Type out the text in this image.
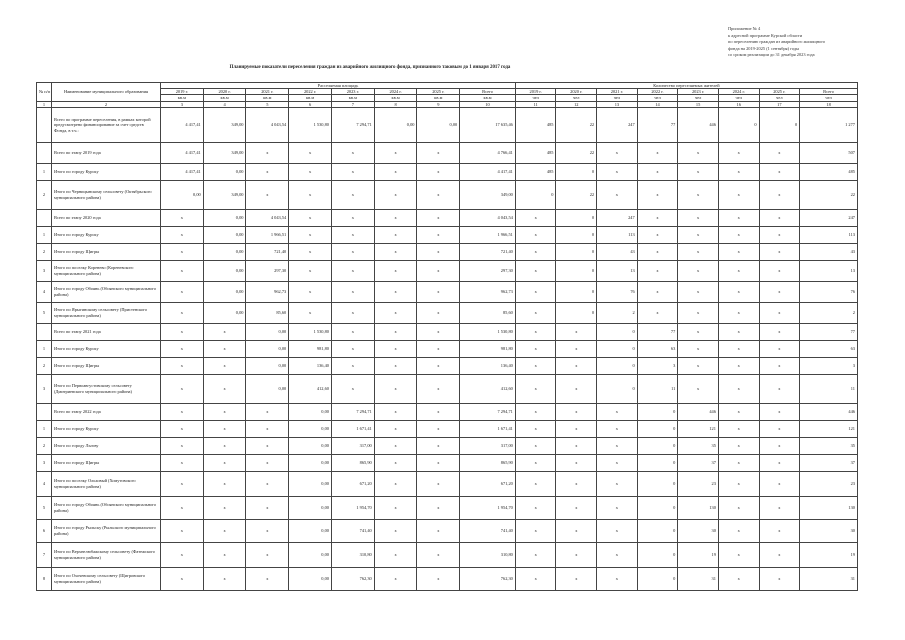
Приложение № 4
к адресной программе Курской области
по переселению граждан из аварийного жилищного
фонда на 2019-2025 (1 сентября) годы
со сроком реализации до 31 декабря 2023 года
Планируемые показатели переселения граждан из аварийного жилищного фонда, признанного таковым до 1 января 2017 года
№ п/п	Наименование муниципального образования	Расселяемая площадь								Количество переселяемых жителей							
		2019 г.	2020 г.	2021 г.	2022 г.	2023 г.	2024 г.	2025 г.	Всего	2019 г.	2020 г.	2021 г.	2022 г.	2023 г.	2024 г.	2025 г.	Всего
		кв.м	кв.м	кв.м	кв.м	кв.м	кв.м	кв.м	кв.м	чел	чел	чел	чел	чел	чел	чел	чел
1	2	3	4	5	6	7	8	9	10	11	12	13	14	15	16	17	18
	Всего по программе переселения, в рамках которой предусмотрено финансирование за счет средств Фонда, в т.ч.:	4 417,41	349,00	4 043,54	1 530,80	7 294,71	0,00	0,00	17 635,46	485	22	247	77	446	0	0	1 277
	Всего по этапу 2019 года	4 417,41	349,00	x	x	x	x	x	4 766,41	485	22	x	x	x	x	x	507
1	Итого по городу Курску	4 417,41	0,00	x	x	x	x	x	4 417,41	485	0	x	x	x	x	x	485
2	Итого по Черницынскому сельсовету (Октябрьского муниципального района)	0,00	349,00	x	x	x	x	x	349,00	0	22	x	x	x	x	x	22
	Всего по этапу 2020 года	x	0,00	4 043,54	x	x	x	x	4 043,54	x	0	247	x	x	x	x	247
1	Итого по городу Курску	x	0,00	1 966,51	x	x	x	x	1 966,51	x	0	113	x	x	x	x	113
2	Итого по городу Щигры	x	0,00	721,40	x	x	x	x	721,40	x	0	43	x	x	x	x	43
3	Итого по поселку Коренево (Кореневского муниципального района)	x	0,00	297,30	x	x	x	x	297,30	x	0	13	x	x	x	x	13
4	Итого по городу Обоянь (Обоянского муниципального района)	x	0,00	962,73	x	x	x	x	962,73	x	0	76	x	x	x	x	76
5	Итого по Ярыгинскому сельсовету (Пристенского муниципального района)	x	0,00	85,60	x	x	x	x	85,60	x	0	2	x	x	x	x	2
	Всего по этапу 2021 года	x	x	0,00	1 530,80	x	x	x	1 530,80	x	x	0	77	x	x	x	77
1	Итого по городу Курску	x	x	0,00	981,80	x	x	x	981,80	x	x	0	63	x	x	x	63
2	Итого по городу Щигры	x	x	0,00	136,40	x	x	x	136,40	x	x	0	3	x	x	x	3
3	Итого по Первоавгустовскому сельсовету (Дмитриевского муниципального района)	x	x	0,00	412,60	x	x	x	412,60	x	x	0	11	x	x	x	11
	Всего по этапу 2022 года	x	x	x	0,00	7 294,71	x	x	7 294,71	x	x	x	0	446	x	x	446
1	Итого по городу Курску	x	x	x	0,00	1 671,41	x	x	1 671,41	x	x	x	0	121	x	x	121
2	Итого по городу Льгову	x	x	x	0,00	317,00	x	x	317,00	x	x	x	0	35	x	x	35
3	Итого по городу Щигры	x	x	x	0,00	865,90	x	x	865,90	x	x	x	0	37	x	x	37
4	Итого по поселку Ольховый (Хомутовского муниципального района)	x	x	x	0,00	671,20	x	x	671,20	x	x	x	0	23	x	x	23
5	Итого по городу Обоянь (Обоянского муниципального района)	x	x	x	0,00	1 954,70	x	x	1 954,70	x	x	x	0	130	x	x	130
6	Итого по городу Рыльску (Рыльского муниципального района)	x	x	x	0,00	741,40	x	x	741,40	x	x	x	0	30	x	x	30
7	Итого по Верхнелюбажскому сельсовету (Фатежского муниципального района)	x	x	x	0,00	310,80	x	x	310,80	x	x	x	0	19	x	x	19
8	Итого по Охочевскому сельсовету (Щигровского муниципального района)	x	x	x	0,00	762,30	x	x	762,30	x	x	x	0	31	x	x	31
